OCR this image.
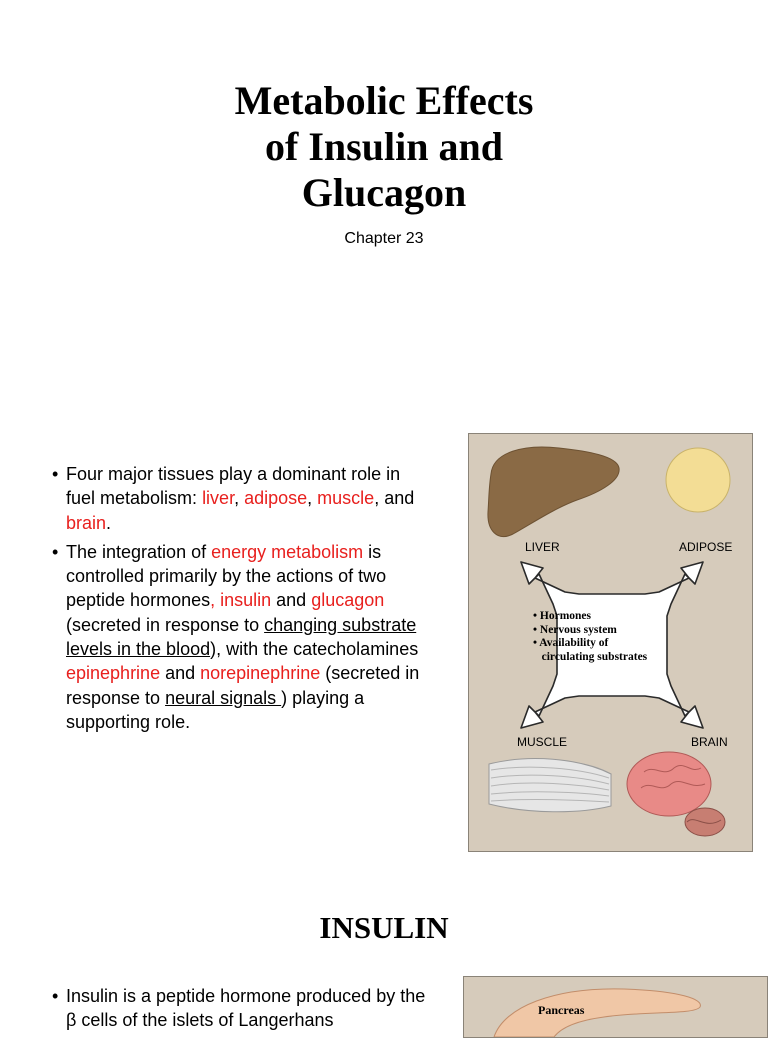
Metabolic Effects
of Insulin and
Glucagon
Chapter 23
• Four major tissues play a dominant role in fuel metabolism: liver, adipose, muscle, and brain.
• The integration of energy metabolism is controlled primarily by the actions of two peptide hormones, insulin and glucagon (secreted in response to changing substrate levels in the blood), with the catecholamines epinephrine and norepinephrine (secreted in response to neural signals ) playing a supporting role.
LIVER	ADIPOSE
MUSCLE	BRAIN
• Hormones
• Nervous system
• Availability of
circulating substrates
INSULIN
• Insulin is a peptide hormone produced by the β cells of the islets of Langerhans
Pancreas
